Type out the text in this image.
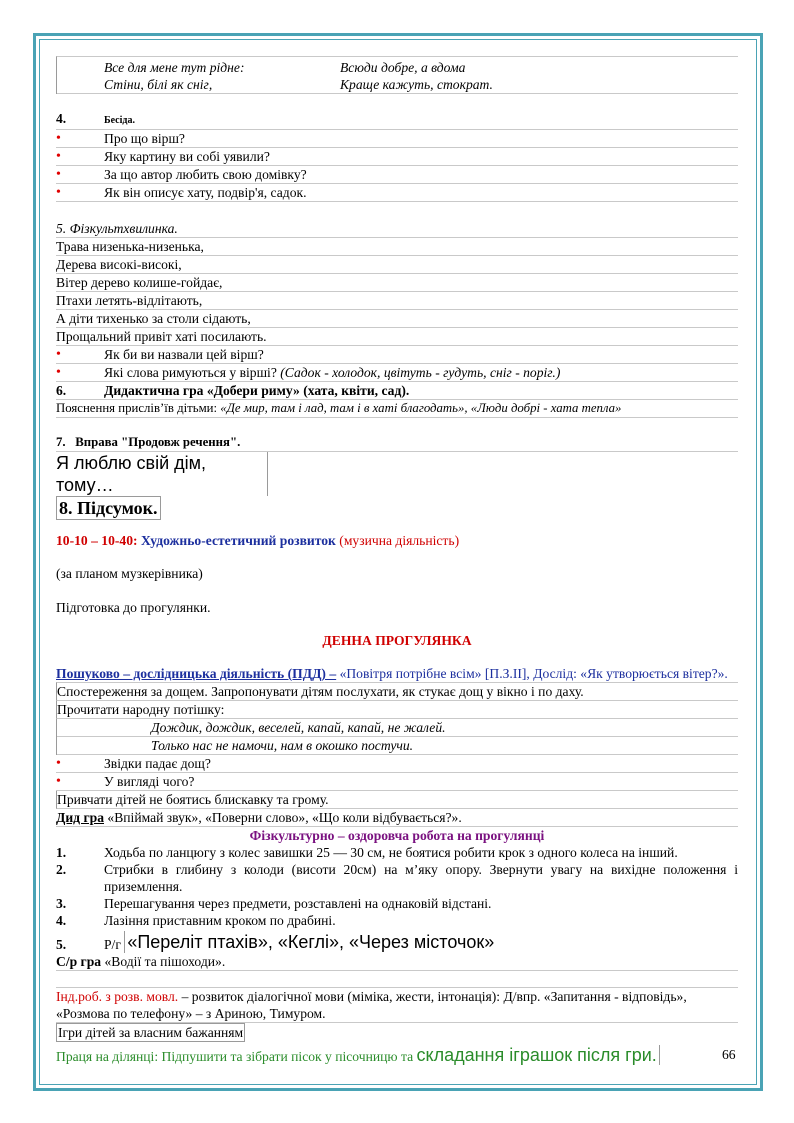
Все для мене тут рідне:	Всюди добре, а вдома
Стіни, білі як сніг,	Краще кажуть, стократ.
4.	Бесіда.
•	Про що вірш?
•	Яку картину ви собі уявили?
•	За що автор любить свою домівку?
•	Як він описує хату, подвір'я, садок.
5. Фізкультхвилинка.
Трава низенька-низенька,
Дерева високі-високі,
Вітер дерево колише-гойдає,
Птахи летять-відлітають,
А діти тихенько за столи сідають,
Прощальний привіт хаті посилають.
•	Як би ви назвали цей вірш?
•	Які слова римуються у вірші? (Садок - холодок, цвітуть - гудуть, сніг - поріг.)
6.	Дидактична гра «Добери риму» (хата, квіти, сад).
Пояснення прислів’їв дітьми: «Де мир, там і лад, там і в хаті благодать», «Люди добрі - хата тепла»
7. Вправа "Продовж речення".
Я люблю свій дім, тому…
8. Підсумок.
10-10 – 10-40: Художньо-естетичний розвиток (музична діяльність)
(за планом музкерівника)
Підготовка до прогулянки.
ДЕННА ПРОГУЛЯНКА
Пошуково – дослідницька діяльність (ПДД) – «Повітря потрібне всім» [П.З.ІІ], Дослід: «Як утворюється вітер?».
Спостереження за дощем. Запропонувати дітям послухати, як стукає дощ у вікно і по даху.
Прочитати народну потішку:
Дождик, дождик, веселей, капай, капай, не жалей.
Только нас не намочи, нам в окошко постучи.
•	Звідки падає дощ?
•	У вигляді чого?
Привчати дітей не боятись блискавку та грому.
Дид гра «Впіймай звук», «Поверни слово», «Що коли відбувається?».
Фізкультурно – оздоровча робота на прогулянці
1.	Ходьба по ланцюгу з колес завишки 25 — 30 см, не боятися робити крок з одного колеса на інший.
2.	Стрибки в глибину з колоди (висоти 20см) на м’яку опору. Звернути увагу на вихідне положення і приземлення.
3.	Перешагування через предмети, розставлені на однаковій відстані.
4.	Лазіння приставним кроком по драбині.
5.	Р/г
«Переліт птахів», «Кеглі», «Через місточок»
С/р гра «Водії та пішоходи».
Інд.роб. з розв. мовл. – розвиток діалогічної мови (міміка, жести, інтонація): Д/впр. «Запитання - відповідь», «Розмова по телефону» – з Ариною, Тимуром.
Ігри дітей за власним бажанням
Праця на ділянці: Підпушити та зібрати пісок у пісочницю та складання іграшок після гри.	66
